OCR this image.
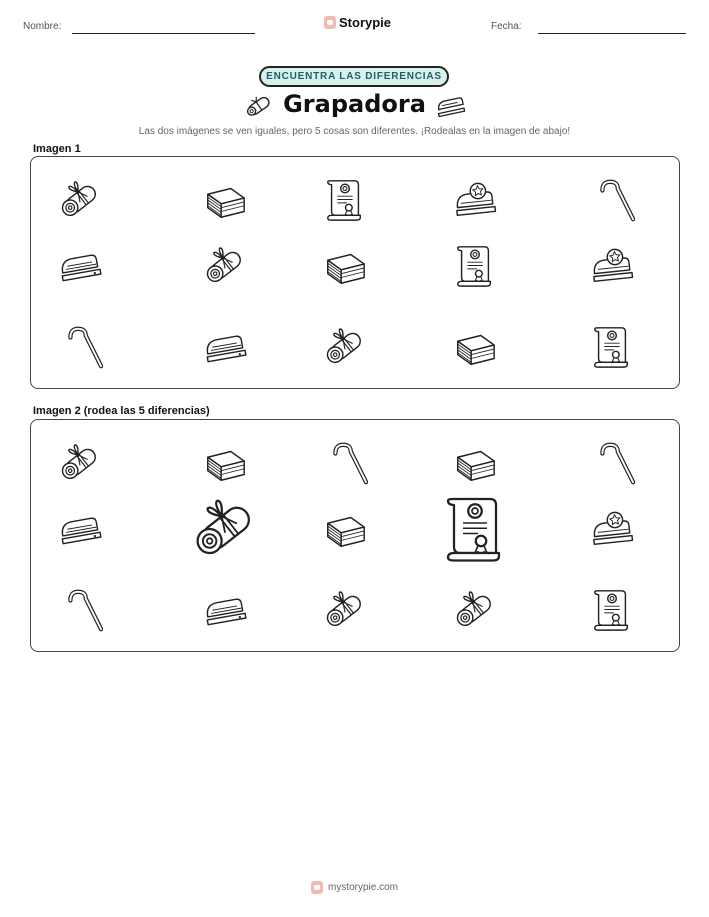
Nombre:	Storypie	Fecha:
ENCUENTRA LAS DIFERENCIAS
Grapadora
Las dos imágenes se ven iguales, pero 5 cosas son diferentes. ¡Rodealas en la imagen de abajo!
Imagen 1
Imagen 2 (rodea las 5 diferencias)
mystorypie.com
